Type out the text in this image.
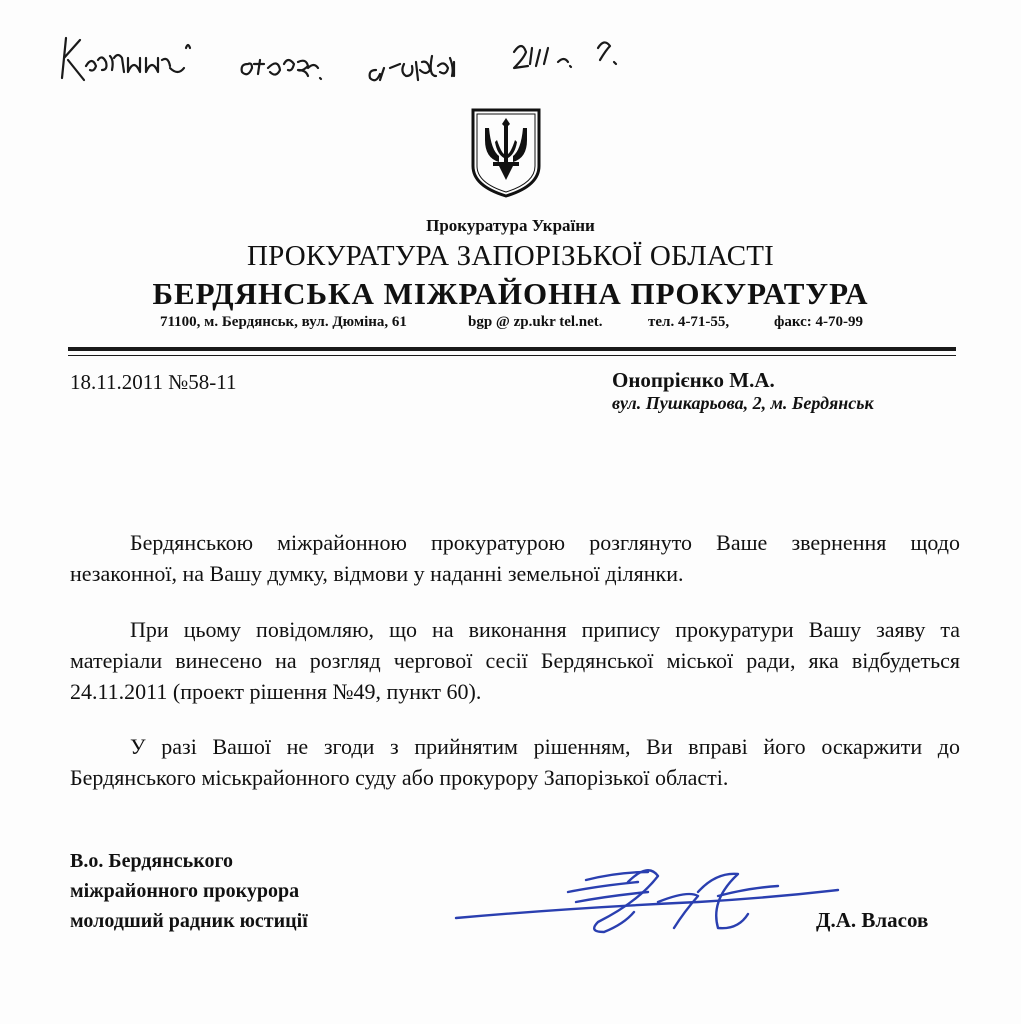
Прокуратура України
ПРОКУРАТУРА ЗАПОРІЗЬКОЇ ОБЛАСТІ
БЕРДЯНСЬКА МІЖРАЙОННА ПРОКУРАТУРА
71100, м. Бердянськ, вул. Дюміна, 61	bgp @ zp.ukr tel.net.	тел. 4-71-55,	факс: 4-70-99
18.11.2011 №58-11	Онопрієнко М.А.
вул. Пушкарьова, 2, м. Бердянськ
Бердянською міжрайонною прокуратурою розглянуто Ваше звернення щодо незаконної, на Вашу думку, відмови у наданні земельної ділянки.
При цьому повідомляю, що на виконання припису прокуратури Вашу заяву та матеріали винесено на розгляд чергової сесії Бердянської міської ради, яка відбудеться 24.11.2011 (проект рішення №49, пункт 60).
У разі Вашої не згоди з прийнятим рішенням, Ви вправі його оскаржити до Бердянського міськрайонного суду або прокурору Запорізької області.
В.о. Бердянського
міжрайонного прокурора
молодший радник юстиції	Д.А. Власов
